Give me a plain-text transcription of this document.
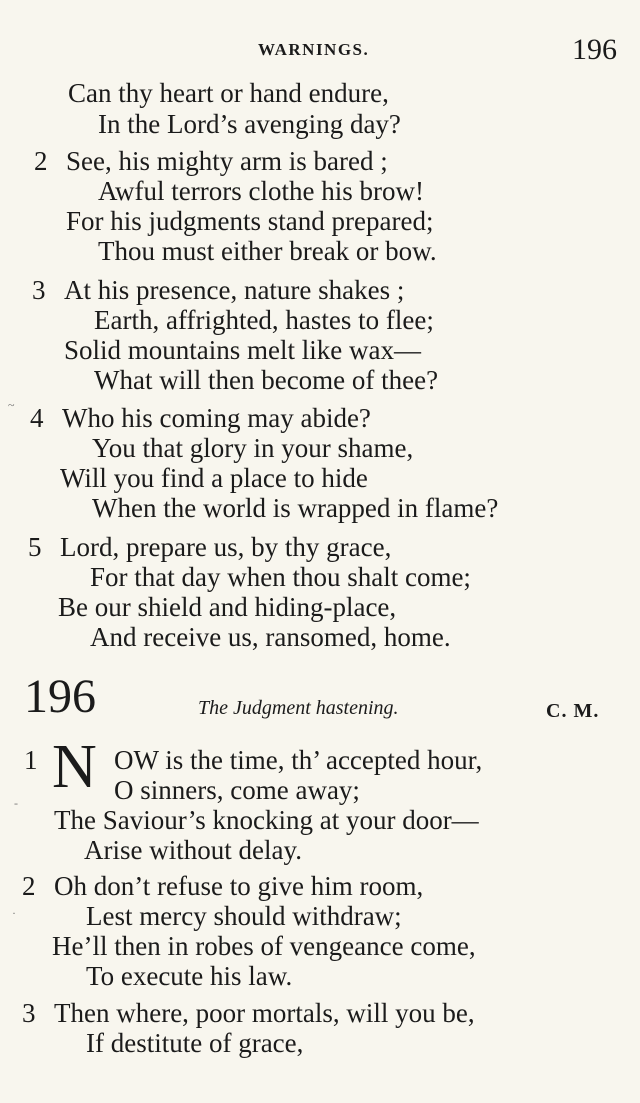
WARNINGS.	196
Can thy heart or hand endure,
In the Lord’s avenging day?
2 See, his mighty arm is bared ;
Awful terrors clothe his brow!
For his judgments stand prepared;
Thou must either break or bow.
3 At his presence, nature shakes ;
Earth, affrighted, hastes to flee;
Solid mountains melt like wax—
What will then become of thee?
~ 4 Who his coming may abide?
You that glory in your shame,
Will you find a place to hide
When the world is wrapped in flame?
5 Lord, prepare us, by thy grace,
For that day when thou shalt come;
Be our shield and hiding-place,
And receive us, ransomed, home.
196	The Judgment hastening.	C. M.
1 N OW is the time, th’ accepted hour,
O sinners, come away;
-
The Saviour’s knocking at your door—
Arise without delay.
2 Oh don’t refuse to give him room,
·	Lest mercy should withdraw;
He’ll then in robes of vengeance come,
To execute his law.
3 Then where, poor mortals, will you be,
If destitute of grace,
